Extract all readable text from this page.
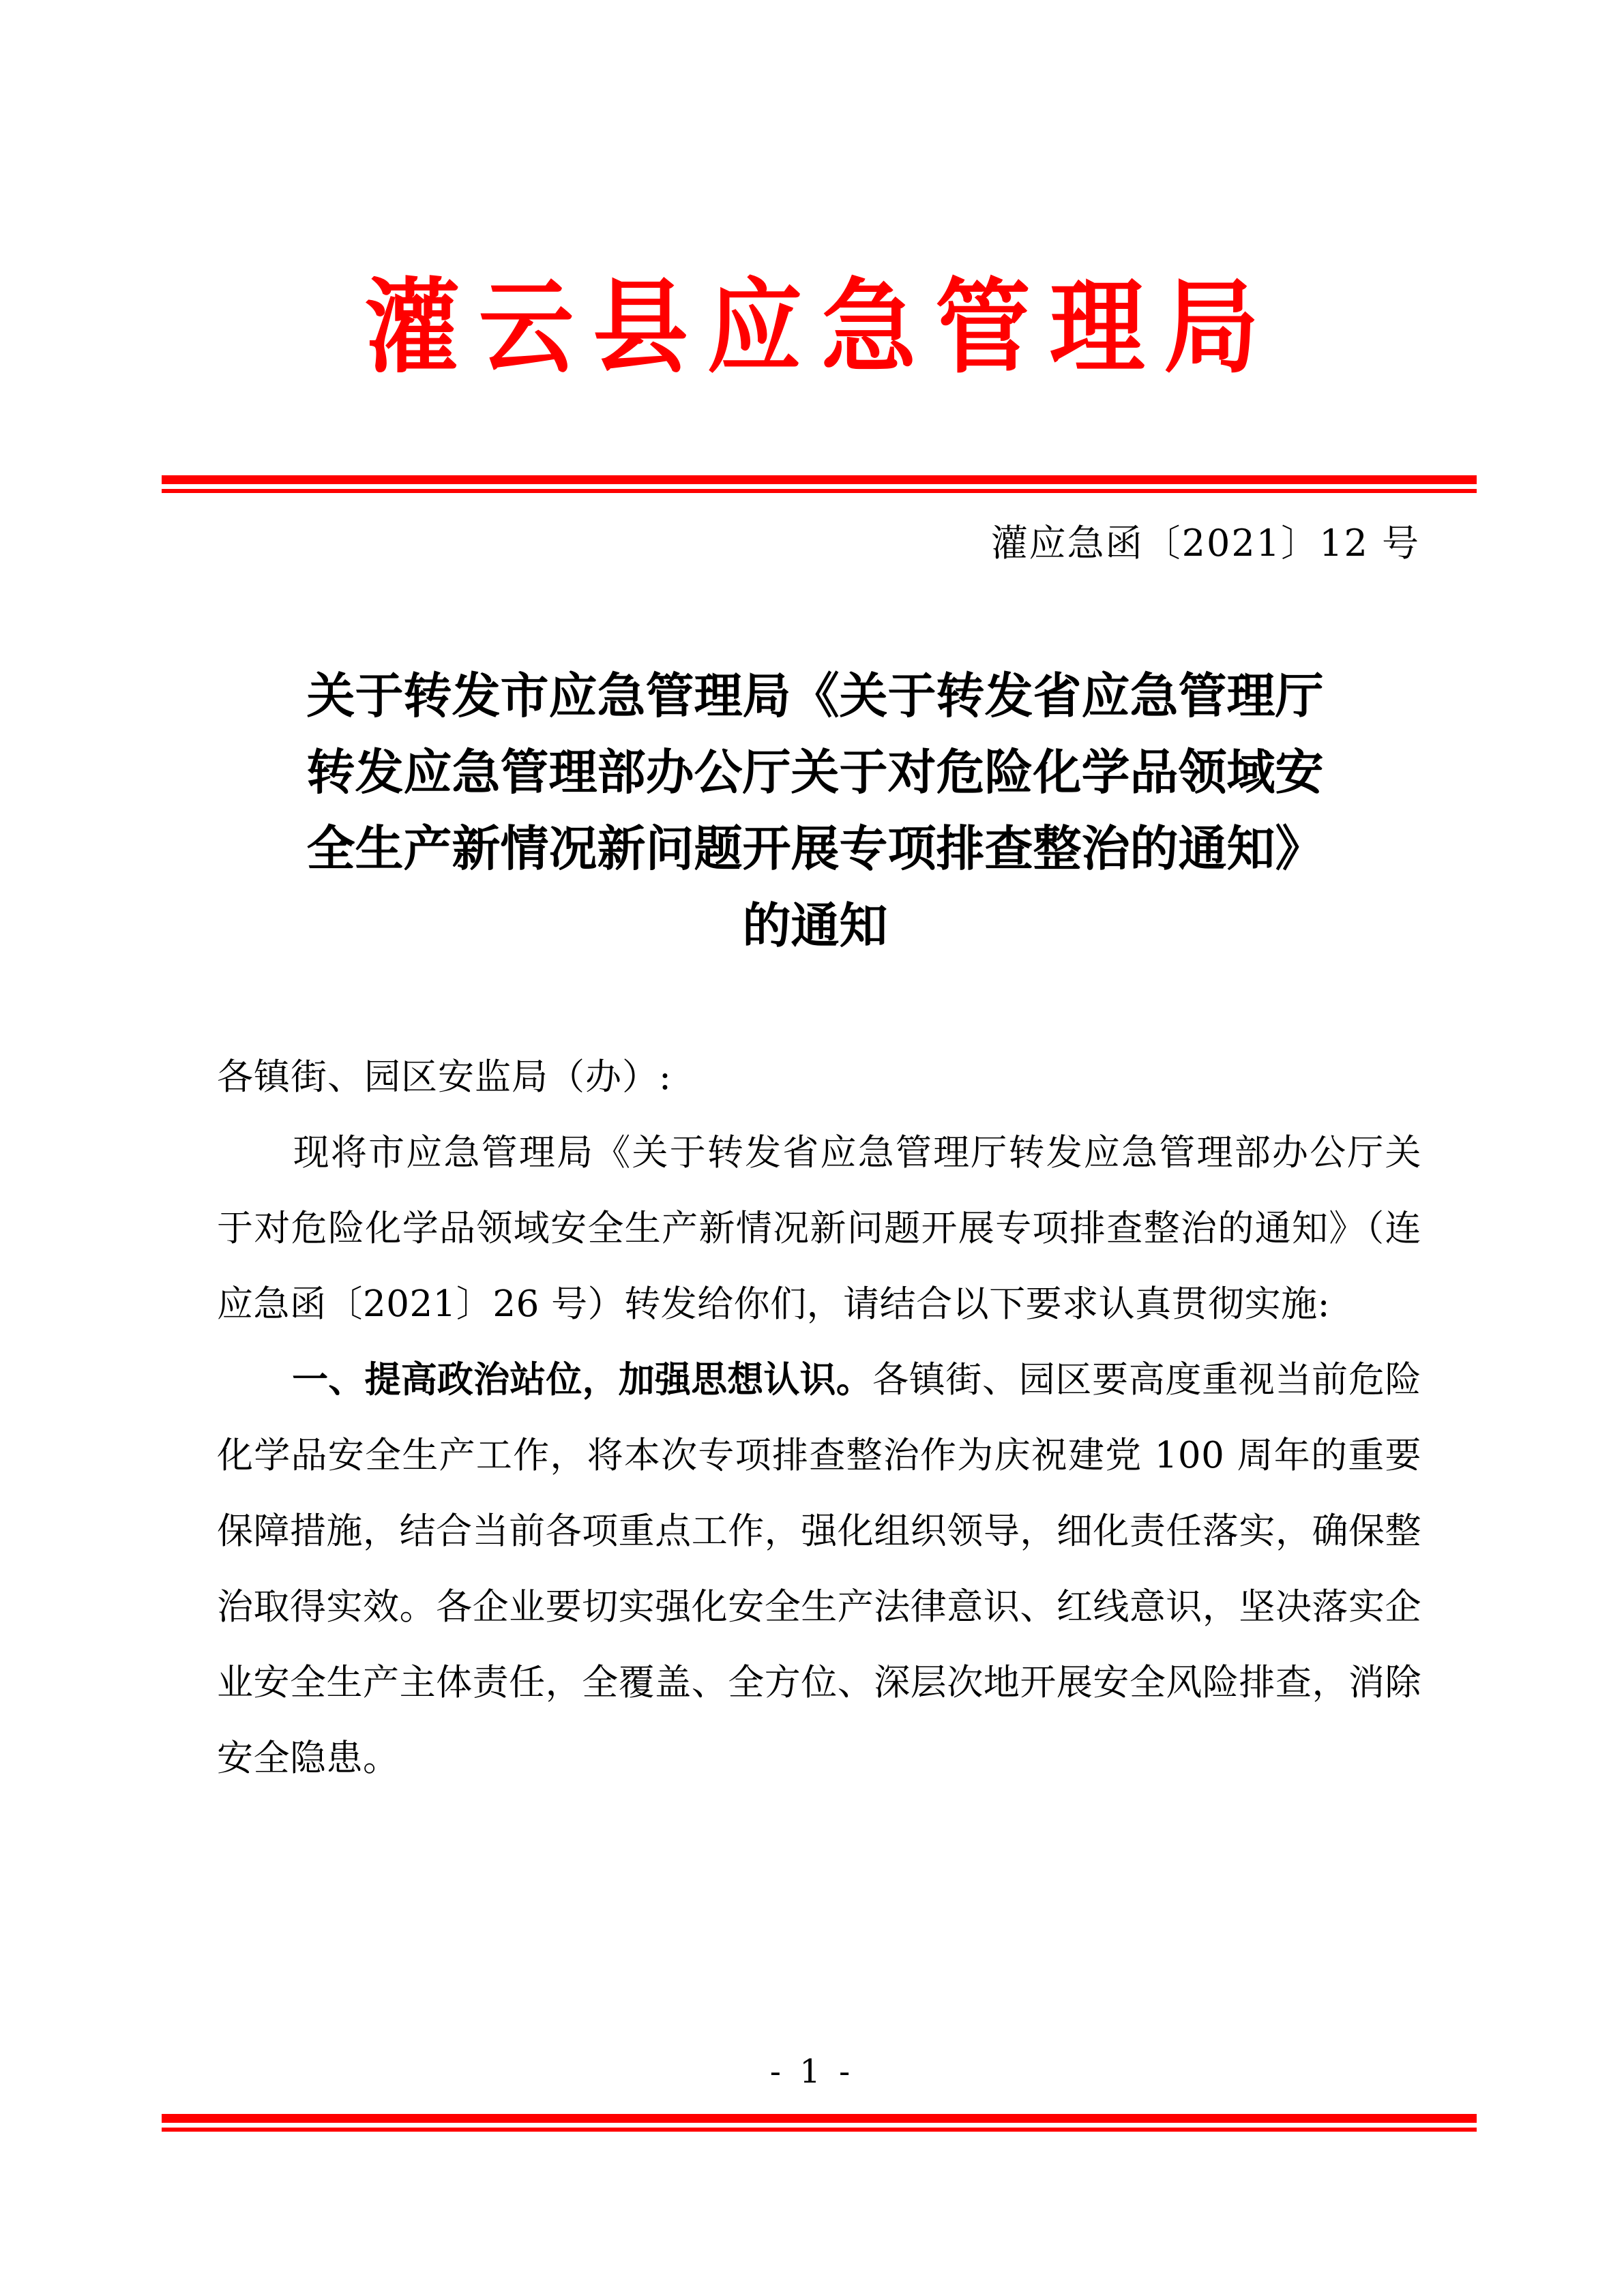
灌云县应急管理局
灌应急函〔2021〕12 号
关于转发市应急管理局《关于转发省应急管理厅
转发应急管理部办公厅关于对危险化学品领域安
全生产新情况新问题开展专项排查整治的通知》
的通知

各镇街、园区安监局（办）:

现将市应急管理局《关于转发省应急管理厅转发应急管理部办公厅关于对危险化学品领域安全生产新情况新问题开展专项排查整治的通知》（连应急函〔2021〕26 号）转发给你们，请结合以下要求认真贯彻实施:

一、提高政治站位，加强思想认识。各镇街、园区要高度重视当前危险化学品安全生产工作，将本次专项排查整治作为庆祝建党 100 周年的重要保障措施，结合当前各项重点工作，强化组织领导，细化责任落实，确保整治取得实效。各企业要切实强化安全生产法律意识、红线意识，坚决落实企业安全生产主体责任，全覆盖、全方位、深层次地开展安全风险排查，消除安全隐患。

- 1 -
